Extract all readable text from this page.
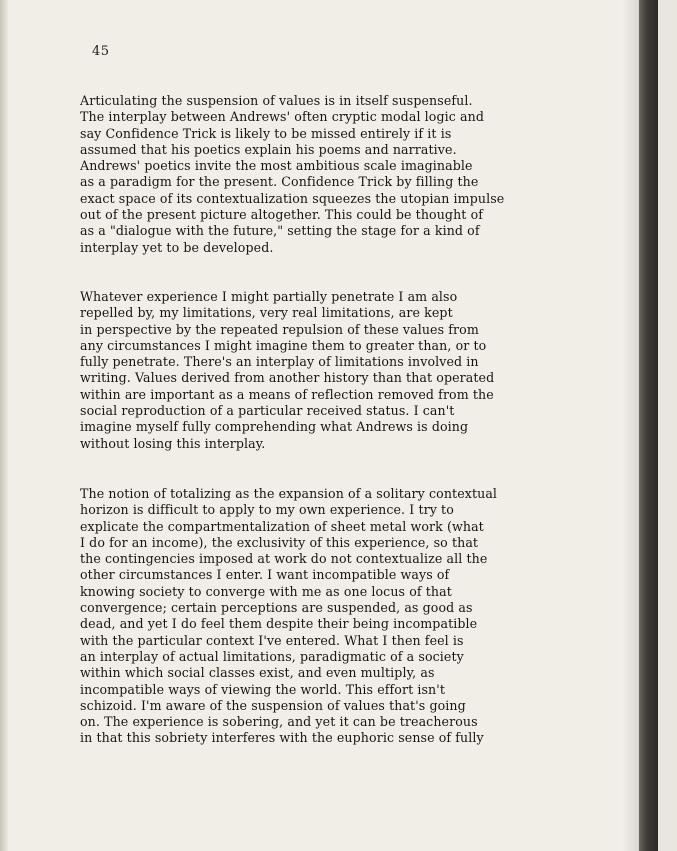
45
Articulating the suspension of values is in itself suspenseful.
The interplay between Andrews' often cryptic modal logic and
say Confidence Trick is likely to be missed entirely if it is
assumed that his poetics explain his poems and narrative.
Andrews' poetics invite the most ambitious scale imaginable
as a paradigm for the present. Confidence Trick by filling the
exact space of its contextualization squeezes the utopian impulse
out of the present picture altogether. This could be thought of
as a "dialogue with the future," setting the stage for a kind of
interplay yet to be developed.
Whatever experience I might partially penetrate I am also
repelled by, my limitations, very real limitations, are kept
in perspective by the repeated repulsion of these values from
any circumstances I might imagine them to greater than, or to
fully penetrate. There's an interplay of limitations involved in
writing. Values derived from another history than that operated
within are important as a means of reflection removed from the
social reproduction of a particular received status. I can't
imagine myself fully comprehending what Andrews is doing
without losing this interplay.
The notion of totalizing as the expansion of a solitary contextual
horizon is difficult to apply to my own experience. I try to
explicate the compartmentalization of sheet metal work (what
I do for an income), the exclusivity of this experience, so that
the contingencies imposed at work do not contextualize all the
other circumstances I enter. I want incompatible ways of
knowing society to converge with me as one locus of that
convergence; certain perceptions are suspended, as good as
dead, and yet I do feel them despite their being incompatible
with the particular context I've entered. What I then feel is
an interplay of actual limitations, paradigmatic of a society
within which social classes exist, and even multiply, as
incompatible ways of viewing the world. This effort isn't
schizoid. I'm aware of the suspension of values that's going
on. The experience is sobering, and yet it can be treacherous
in that this sobriety interferes with the euphoric sense of fully
